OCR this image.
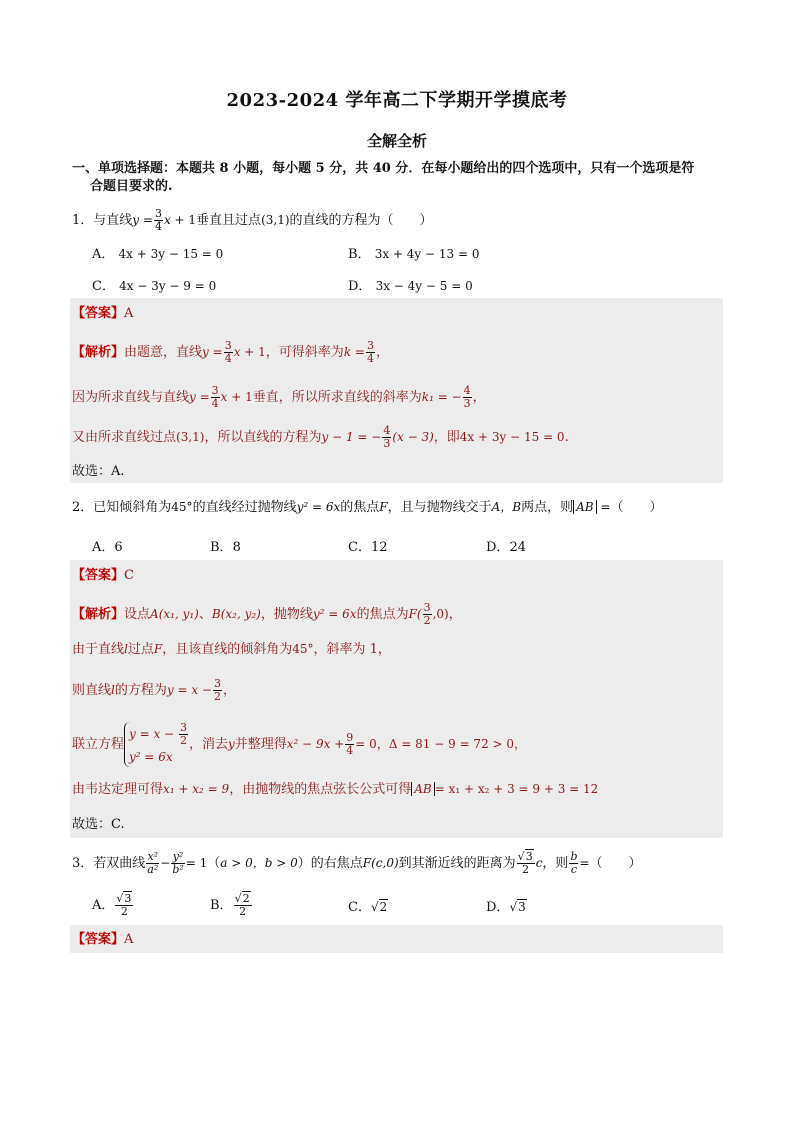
2023-2024 学年高二下学期开学摸底考
全解全析
一、单项选择题：本题共 8 小题，每小题 5 分，共 40 分．在每小题给出的四个选项中，只有一个选项是符
合题目要求的.
1．与直线$y = \frac{3}{4}$ x + 1垂直且过点(3,1)的直线的方程为（　　）
A． 4x + 3y − 15 = 0	B． 3x + 4y − 13 = 0
C． 4x − 3y − 9 = 0	D． 3x − 4y − 5 = 0
【答案】A
【解析】由题意，直线$y = \frac{3}{4}$ x + 1，可得斜率为$k = \frac{3}{4}$ ，
因为所求直线与直线$y = \frac{3}{4}$ x + 1垂直，所以所求直线的斜率为k₁ = − $\frac{4}{3}$ ，
又由所求直线过点(3,1)，所以直线的方程为y − 1 = − $\frac{4}{3} (x - 3)$，即4x + 3y − 15 = 0.
故选：A.
2．已知倾斜角为45°的直线经过抛物线y² = 6x的焦点F，且与抛物线交于A，B两点，则 AB =（　　）
A．6	B．8	C．12	D．24
【答案】C
【解析】设点A(x₁, y₁)、B(x₂, y₂)，抛物线y² = 6x的焦点为$F( \frac{3}{2} ,0)$，
由于直线l过点F，且该直线的倾斜角为45°，斜率为 1，
则直线l的方程为$y = x - \frac{3}{2}$ ，
联立方程
$y = x - \frac{3}{2}$
y² = 6x
，消去y并整理得$x^2 - 9x + \frac{9}{4} = 0$，Δ = 81 − 9 = 72 > 0，
由韦达定理可得x₁ + x₂ = 9，由抛物线的焦点弦长公式可得 AB = x₁ + x₂ + 3 = 9 + 3 = 12
故选：C.
3．若双曲线 $\frac{\text{x²}}{\text{a²}} - \frac{\text{y²}}{\text{b²}} = 1(a > 0$，b > 0）的右焦点F(c,0)到其渐近线的距离为 $\frac{√3}{2}$ c，则 $\frac{b}{c}$ =（　　）
A． $\frac{√3}{2}$	B． $\frac{√2}{2}$	C．√2	D．√3
【答案】A
